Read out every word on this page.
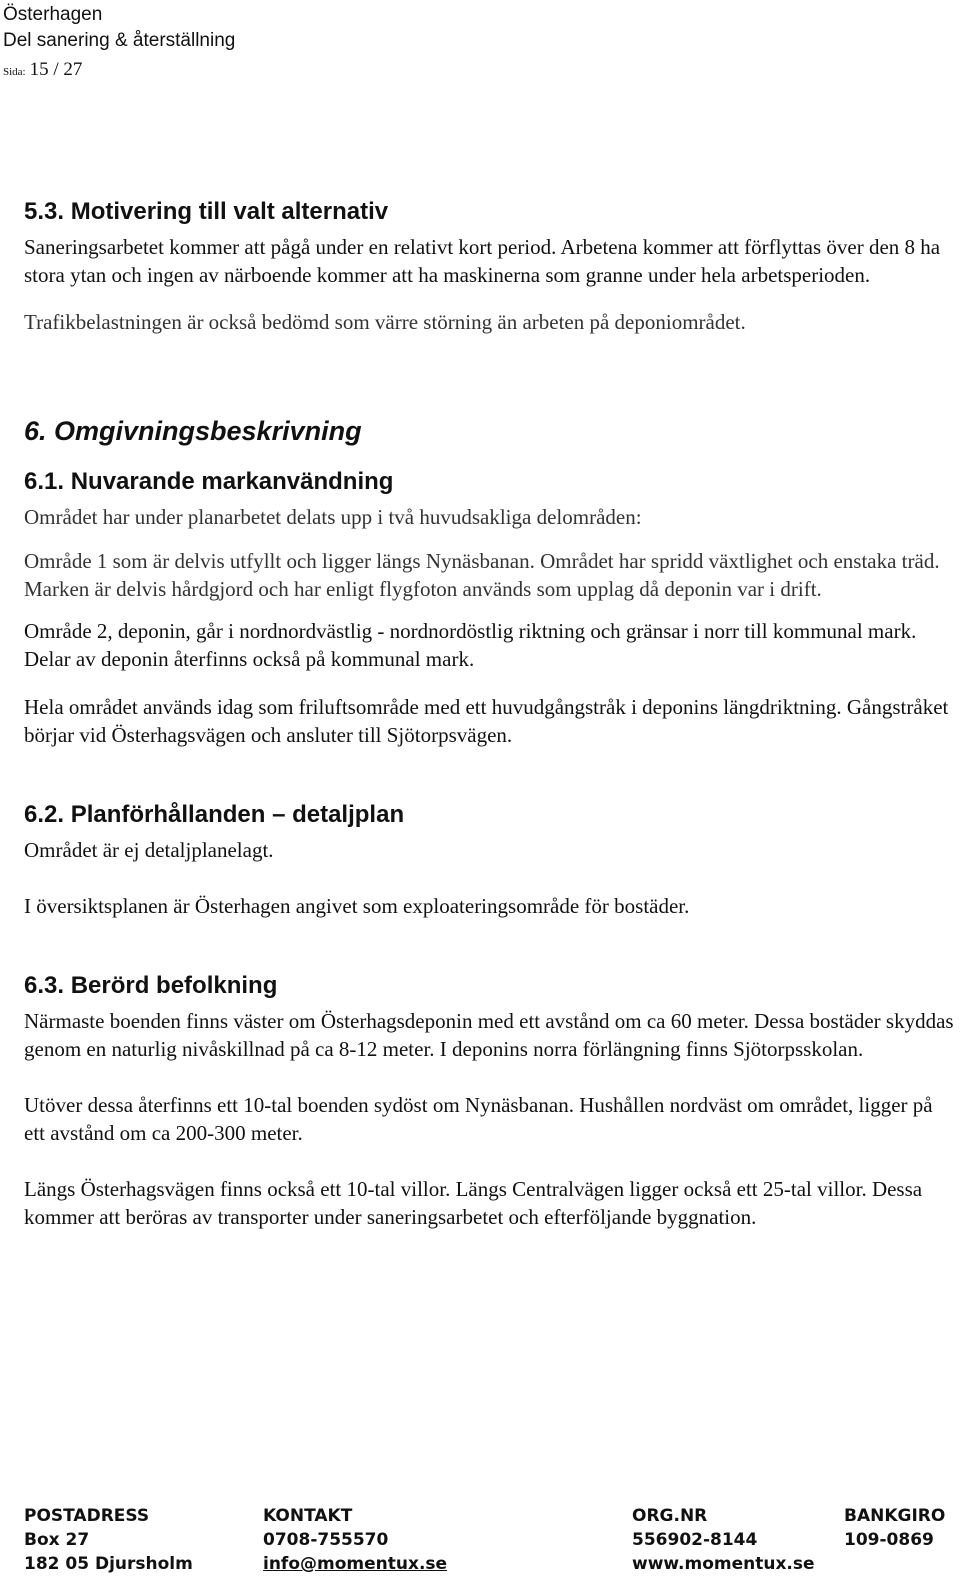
Österhagen
Del sanering & återställning
Sida: 15 / 27
5.3. Motivering till valt alternativ

Saneringsarbetet kommer att pågå under en relativt kort period. Arbetena kommer att förflyttas över den 8 ha stora ytan och ingen av närboende kommer att ha maskinerna som granne under hela arbetsperioden.

Trafikbelastningen är också bedömd som värre störning än arbeten på deponiområdet.

6. Omgivningsbeskrivning
6.1. Nuvarande markanvändning

Området har under planarbetet delats upp i två huvudsakliga delområden:

Område 1 som är delvis utfyllt och ligger längs Nynäsbanan. Området har spridd växtlighet och enstaka träd. Marken är delvis hårdgjord och har enligt flygfoton används som upplag då deponin var i drift.

Område 2, deponin, går i nordnordvästlig - nordnordöstlig riktning och gränsar i norr till kommunal mark. Delar av deponin återfinns också på kommunal mark.

Hela området används idag som friluftsområde med ett huvudgångstråk i deponins längdriktning. Gångstråket börjar vid Österhagsvägen och ansluter till Sjötorpsvägen.

6.2. Planförhållanden – detaljplan

Området är ej detaljplanelagt.

I översiktsplanen är Österhagen angivet som exploateringsområde för bostäder.

6.3. Berörd befolkning

Närmaste boenden finns väster om Österhagsdeponin med ett avstånd om ca 60 meter. Dessa bostäder skyddas genom en naturlig nivåskillnad på ca 8-12 meter. I deponins norra förlängning finns Sjötorpsskolan.

Utöver dessa återfinns ett 10-tal boenden sydöst om Nynäsbanan. Hushållen nordväst om området, ligger på ett avstånd om ca 200-300 meter.

Längs Österhagsvägen finns också ett 10-tal villor. Längs Centralvägen ligger också ett 25-tal villor. Dessa kommer att beröras av transporter under saneringsarbetet och efterföljande byggnation.

POSTADRESS
Box 27
182 05 Djursholm
KONTAKT
0708-755570
info@momentux.se
ORG.NR
556902-8144
www.momentux.se
BANKGIRO
109-0869
